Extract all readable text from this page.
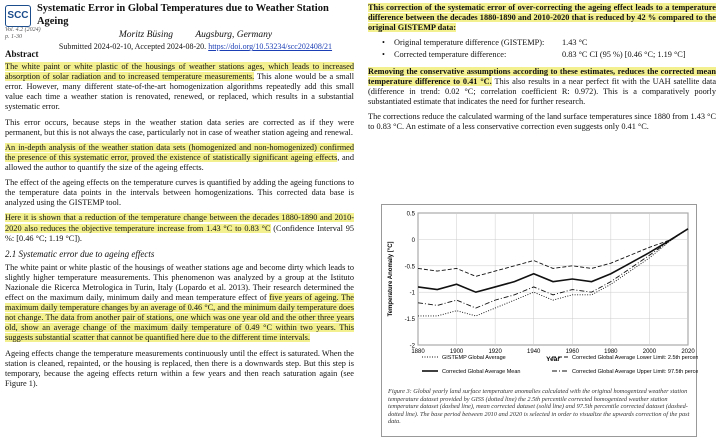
SCC
Systematic Error in Global Temperatures due to Weather Station Ageing
Moritz Büsing Augsburg, Germany
Submitted 2024-02-10, Accepted 2024-08-20. https://doi.org/10.53234/scc202408/21
Vol. 4.2 (2024)
p. 1-30
Abstract

The white paint or white plastic of the housings of weather stations ages, which leads to increased absorption of solar radiation and to increased temperature measurements. This alone would be a small error. However, many different state-of-the-art homogenization algorithms repeatedly add this small value each time a weather station is renovated, renewed, or replaced, which results in a substantial systematic error.

This error occurs, because steps in the weather station data series are corrected as if they were permanent, but this is not always the case, particularly not in case of weather station ageing and renewal.

An in-depth analysis of the weather station data sets (homogenized and non-homogenized) confirmed the presence of this systematic error, proved the existence of statistically significant ageing effects, and allowed the author to quantify the size of the ageing effects.

The effect of the ageing effects on the temperature curves is quantified by adding the ageing functions to the temperature data points in the intervals between homogenizations. This corrected data base is analyzed using the GISTEMP tool.

Here it is shown that a reduction of the temperature change between the decades 1880-1890 and 2010-2020 also reduces the objective temperature increase from 1.43 °C to 0.83 °C (Confidence Interval 95 %: [0.46 °C; 1.19 °C]).

2.1 Systematic error due to ageing effects

The white paint or white plastic of the housings of weather stations age and become dirty which leads to slightly higher temperature measurements. This phenomenon was analyzed by a group at the Istituto Nazionale die Ricerca Metrologica in Turin, Italy (Lopardo et al. 2013). Their research determined the effect on the maximum daily, minimum daily and mean temperature effect of five years of ageing. The maximum daily temperature changes by an average of 0.46 °C, and the minimum daily temperature does not change. The data from another pair of stations, one which was one year old and the other three years old, show an average change of the maximum daily temperature of 0.49 °C within two years. This suggests substantial scatter that cannot be quantified here due to the different time intervals.

Ageing effects change the temperature measurements continuously until the effect is saturated. When the station is cleaned, repainted, or the housing is replaced, then there is a downwards step. But this step is temporary, because the ageing effects return within a few years and then reach saturation again (see Figure 1).

This correction of the systematic error of over-correcting the ageing effect leads to a temperature difference between the decades 1880-1890 and 2010-2020 that is reduced by 42 % compared to the original GISTEMP data:

•	Original temperature difference (GISTEMP):	1.43 °C
•	Corrected temperature difference:	0.83 °C CI (95 %) [0.46 °C; 1.19 °C]

Removing the conservative assumptions according to these estimates, reduces the corrected mean temperature difference to 0.41 °C. This also results in a near perfect fit with the UAH satellite data (difference in trend: 0.02 °C; correlation coefficient R: 0.972). This is a comparatively poorly substantiated estimate that indicates the need for further research.

The corrections reduce the calculated warming of the land surface temperatures since 1880 from 1.43 °C to 0.83 °C. An estimate of a less conservative correction even suggests only 0.41 °C.

0.5
0
-0.5
-1
-1.5
-2
1880	1900	1920	1940	1960	1980	2000	2020
Year
Temperature Anomaly [°C]
GISTEMP Global Average	Corrected Global Average Lower Limit: 2.5th percentile
Corrected Global Average Mean	Corrected Global Average Upper Limit: 97.5th percentile
Figure 3: Global yearly land surface temperature anomalies calculated with the original homogenized weather station temperature dataset provided by GISS (dotted line) the 2.5th percentile corrected homogenized weather station temperature dataset (dashed line), mean corrected dataset (solid line) and 97.5th percentile corrected dataset (dashed-dotted line). The base period between 2010 and 2020 is selected in order to visualize the upwards correction of the past data.
